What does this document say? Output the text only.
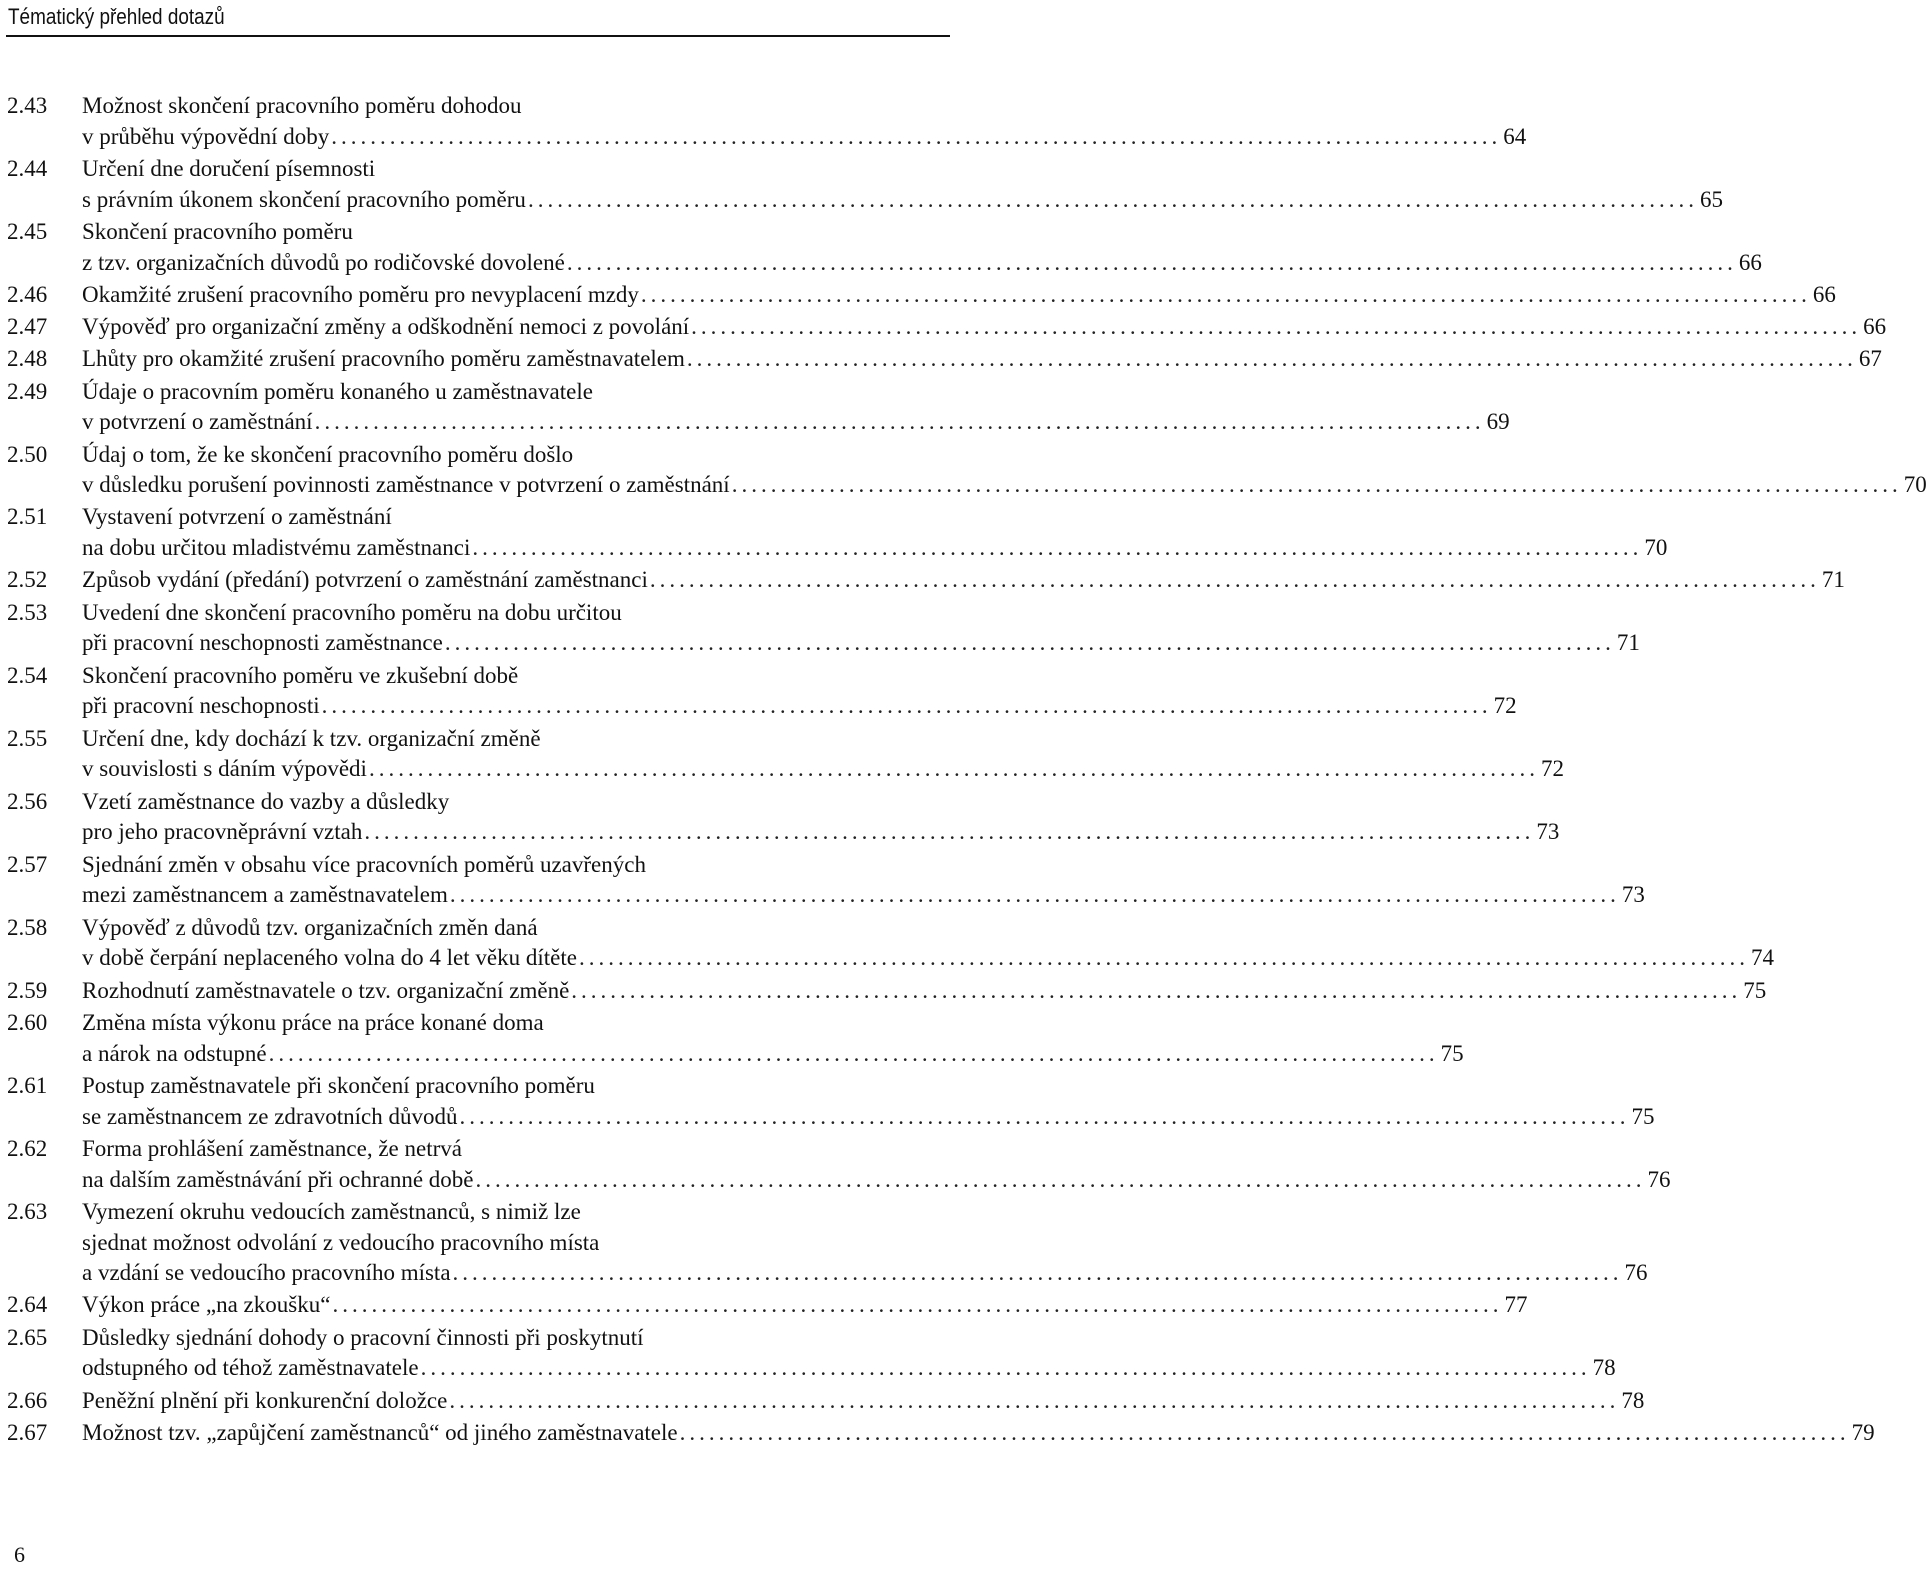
Tématický přehled dotazů
2.43 Možnost skončení pracovního poměru dohodou
v průběhu výpovědní doby ........................................................................................................................ 64
2.44 Určení dne doručení písemnosti
s právním úkonem skončení pracovního poměru ........................................................................................................................ 65
2.45 Skončení pracovního poměru
z tzv. organizačních důvodů po rodičovské dovolené ........................................................................................................................ 66
2.46 Okamžité zrušení pracovního poměru pro nevyplacení mzdy ........................................................................................................................ 66
2.47 Výpověď pro organizační změny a odškodnění nemoci z povolání ........................................................................................................................ 66
2.48 Lhůty pro okamžité zrušení pracovního poměru zaměstnavatelem ........................................................................................................................ 67
2.49 Údaje o pracovním poměru konaného u zaměstnavatele
v potvrzení o zaměstnání ........................................................................................................................ 69
2.50 Údaj o tom, že ke skončení pracovního poměru došlo
v důsledku porušení povinnosti zaměstnance v potvrzení o zaměstnání ........................................................................................................................ 70
2.51 Vystavení potvrzení o zaměstnání
na dobu určitou mladistvému zaměstnanci ........................................................................................................................ 70
2.52 Způsob vydání (předání) potvrzení o zaměstnání zaměstnanci ........................................................................................................................ 71
2.53 Uvedení dne skončení pracovního poměru na dobu určitou
při pracovní neschopnosti zaměstnance ........................................................................................................................ 71
2.54 Skončení pracovního poměru ve zkušební době
při pracovní neschopnosti ........................................................................................................................ 72
2.55 Určení dne, kdy dochází k tzv. organizační změně
v souvislosti s dáním výpovědi ........................................................................................................................ 72
2.56 Vzetí zaměstnance do vazby a důsledky
pro jeho pracovněprávní vztah ........................................................................................................................ 73
2.57 Sjednání změn v obsahu více pracovních poměrů uzavřených
mezi zaměstnancem a zaměstnavatelem ........................................................................................................................ 73
2.58 Výpověď z důvodů tzv. organizačních změn daná
v době čerpání neplaceného volna do 4 let věku dítěte ........................................................................................................................ 74
2.59 Rozhodnutí zaměstnavatele o tzv. organizační změně ........................................................................................................................ 75
2.60 Změna místa výkonu práce na práce konané doma
a nárok na odstupné ........................................................................................................................ 75
2.61 Postup zaměstnavatele při skončení pracovního poměru
se zaměstnancem ze zdravotních důvodů ........................................................................................................................ 75
2.62 Forma prohlášení zaměstnance, že netrvá
na dalším zaměstnávání při ochranné době ........................................................................................................................ 76
2.63 Vymezení okruhu vedoucích zaměstnanců, s nimiž lze
sjednat možnost odvolání z vedoucího pracovního místa
a vzdání se vedoucího pracovního místa ........................................................................................................................ 76
2.64 Výkon práce „na zkoušku“ ........................................................................................................................ 77
2.65 Důsledky sjednání dohody o pracovní činnosti při poskytnutí
odstupného od téhož zaměstnavatele ........................................................................................................................ 78
2.66 Peněžní plnění při konkurenční doložce ........................................................................................................................ 78
2.67 Možnost tzv. „zapůjčení zaměstnanců“ od jiného zaměstnavatele ........................................................................................................................ 79
6
